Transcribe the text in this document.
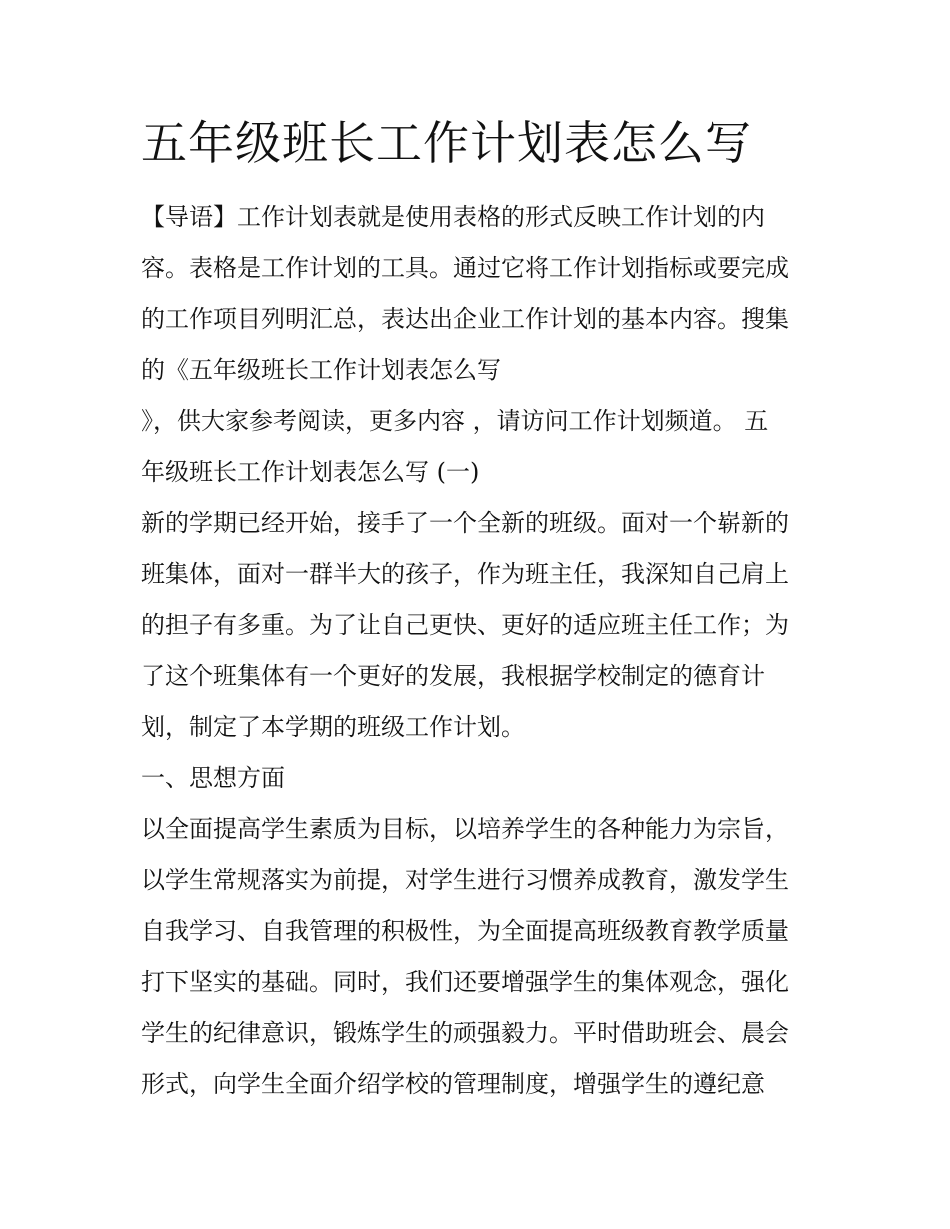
五年级班长工作计划表怎么写

【导语】工作计划表就是使用表格的形式反映工作计划的内

容。表格是工作计划的工具。通过它将工作计划指标或要完成

的工作项目列明汇总，表达出企业工作计划的基本内容。搜集

的《五年级班长工作计划表怎么写

》，供大家参考阅读，更多内容 ，请访问工作计划频道。 五

年级班长工作计划表怎么写 (一)

新的学期已经开始，接手了一个全新的班级。面对一个崭新的

班集体，面对一群半大的孩子，作为班主任，我深知自己肩上

的担子有多重。为了让自己更快、更好的适应班主任工作；为

了这个班集体有一个更好的发展，我根据学校制定的德育计

划，制定了本学期的班级工作计划。

一、思想方面

以全面提高学生素质为目标，以培养学生的各种能力为宗旨，

以学生常规落实为前提，对学生进行习惯养成教育，激发学生

自我学习、自我管理的积极性，为全面提高班级教育教学质量

打下坚实的基础。同时，我们还要增强学生的集体观念，强化

学生的纪律意识，锻炼学生的顽强毅力。平时借助班会、晨会

形式，向学生全面介绍学校的管理制度，增强学生的遵纪意
